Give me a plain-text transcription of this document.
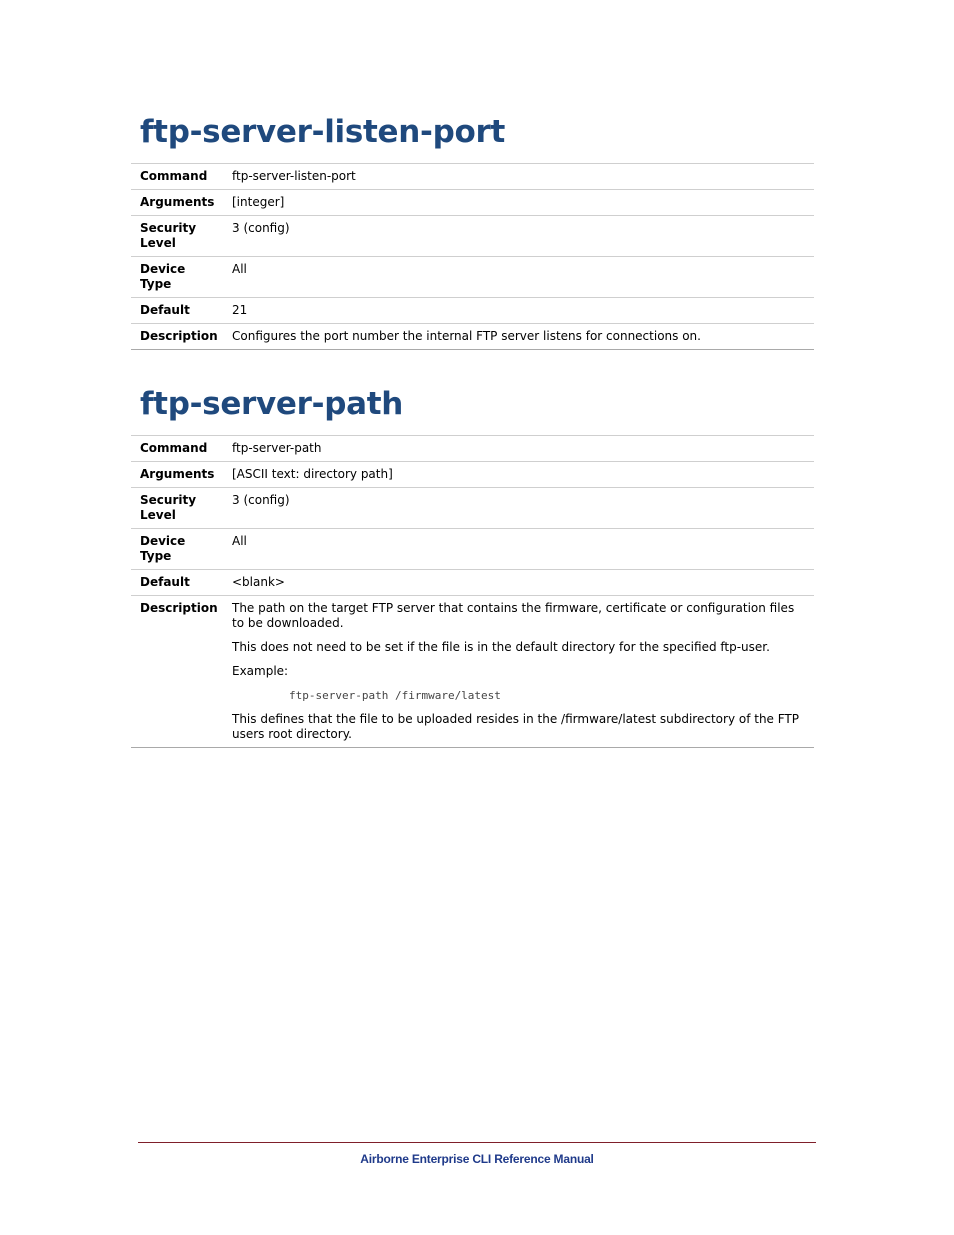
ftp-server-listen-port
Command	ftp-server-listen-port
Arguments	[integer]
Security Level	3 (config)
Device Type	All
Default	21
Description	Configures the port number the internal FTP server listens for connections on.
ftp-server-path
Command	ftp-server-path
Arguments	[ASCII text: directory path]
Security Level	3 (config)
Device Type	All
Default	<blank>
Description	The path on the target FTP server that contains the firmware, certificate or configuration files to be downloaded.

This does not need to be set if the file is in the default directory for the specified ftp-user.

Example:

ftp-server-path /firmware/latest

This defines that the file to be uploaded resides in the /firmware/latest subdirectory of the FTP users root directory.

Airborne Enterprise CLI Reference Manual
